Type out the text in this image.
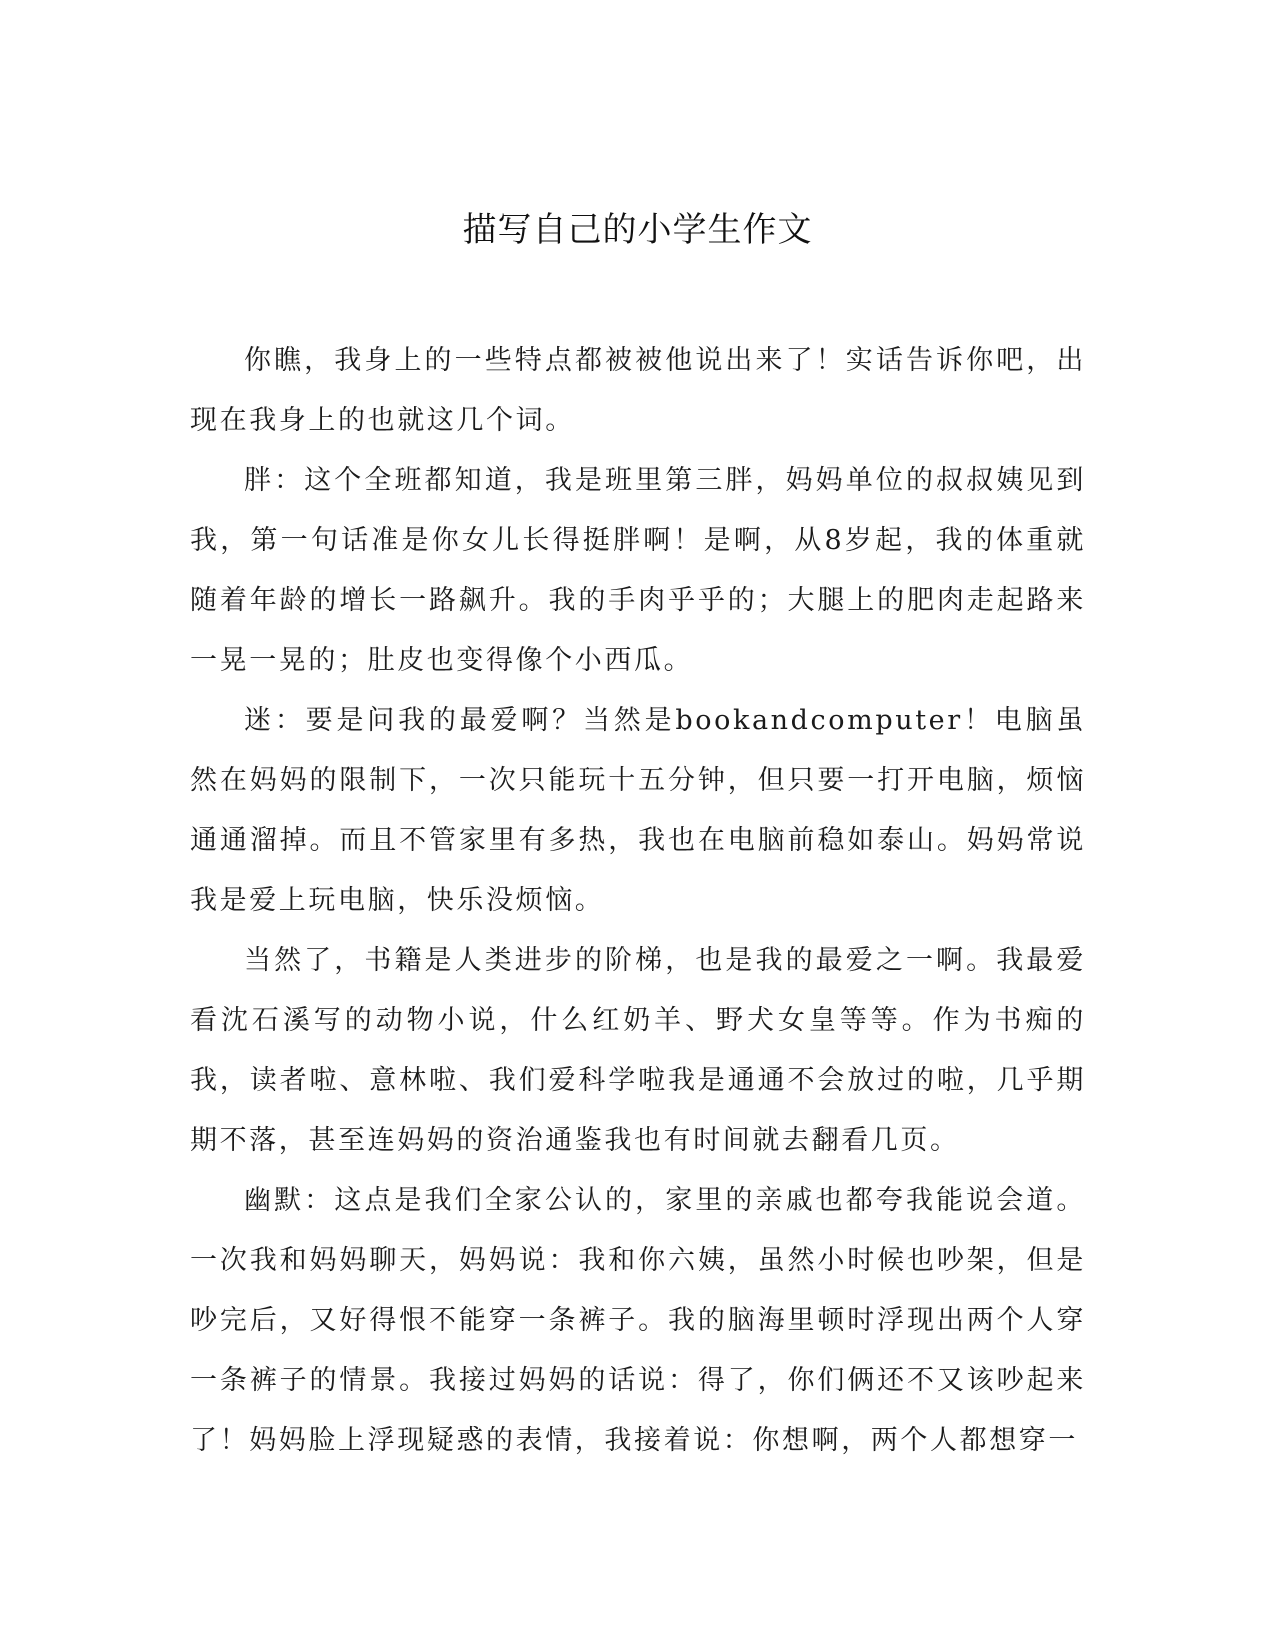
描写自己的小学生作文

你瞧，我身上的一些特点都被被他说出来了！实话告诉你吧，出现在我身上的也就这几个词。

胖：这个全班都知道，我是班里第三胖，妈妈单位的叔叔姨见到我，第一句话准是你女儿长得挺胖啊！是啊，从8岁起，我的体重就随着年龄的增长一路飙升。我的手肉乎乎的；大腿上的肥肉走起路来一晃一晃的；肚皮也变得像个小西瓜。

迷：要是问我的最爱啊？当然是bookandcomputer！电脑虽然在妈妈的限制下，一次只能玩十五分钟，但只要一打开电脑，烦恼通通溜掉。而且不管家里有多热，我也在电脑前稳如泰山。妈妈常说我是爱上玩电脑，快乐没烦恼。

当然了，书籍是人类进步的阶梯，也是我的最爱之一啊。我最爱看沈石溪写的动物小说，什么红奶羊、野犬女皇等等。作为书痴的我，读者啦、意林啦、我们爱科学啦我是通通不会放过的啦，几乎期期不落，甚至连妈妈的资治通鉴我也有时间就去翻看几页。

幽默：这点是我们全家公认的，家里的亲戚也都夸我能说会道。一次我和妈妈聊天，妈妈说：我和你六姨，虽然小时候也吵架，但是吵完后，又好得恨不能穿一条裤子。我的脑海里顿时浮现出两个人穿一条裤子的情景。我接过妈妈的话说：得了，你们俩还不又该吵起来了！妈妈脸上浮现疑惑的表情，我接着说：你想啊，两个人都想穿一
